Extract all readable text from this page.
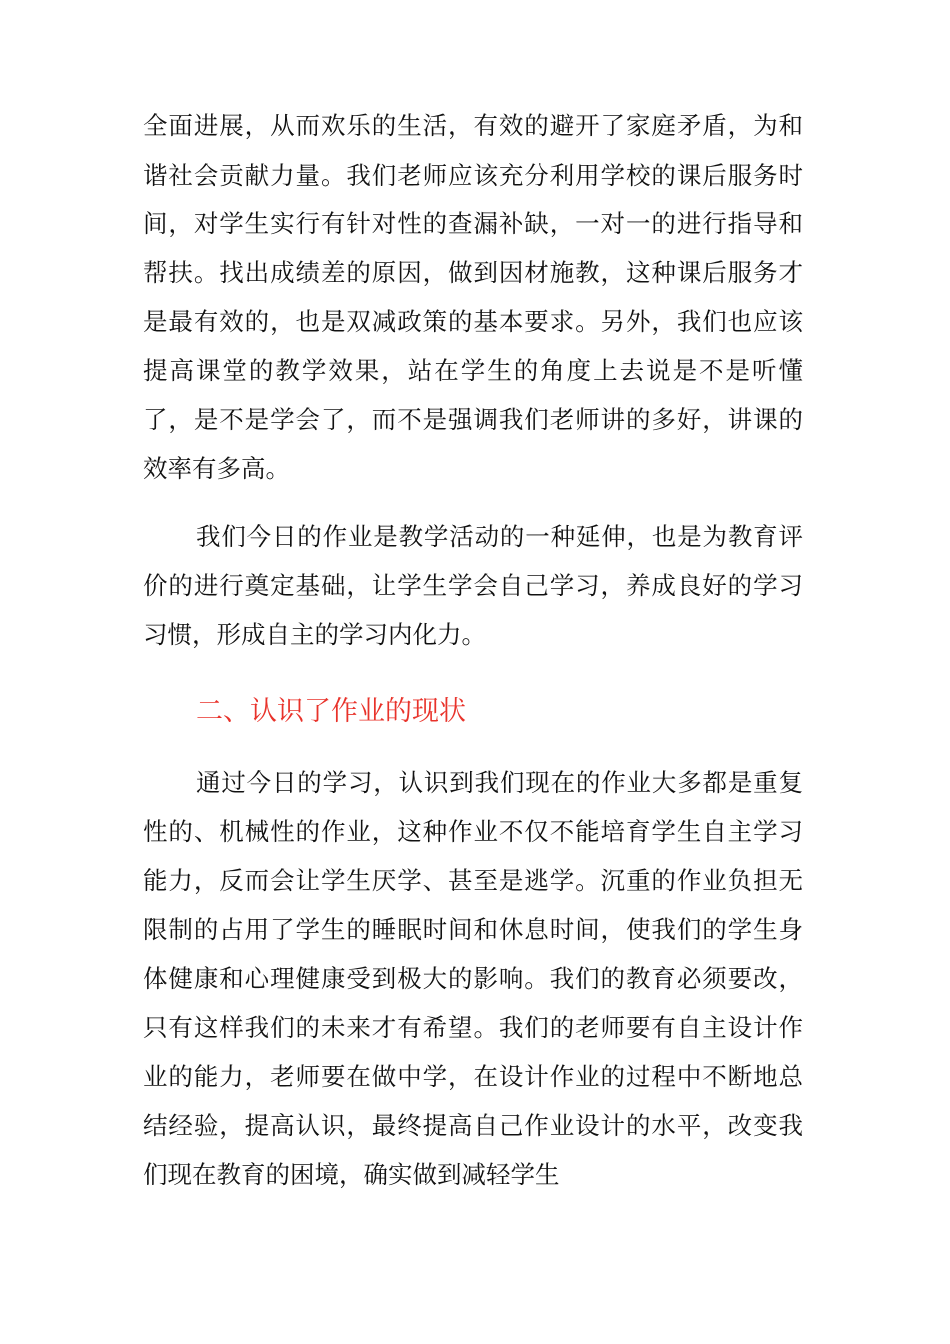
全面进展，从而欢乐的生活，有效的避开了家庭矛盾，为和
谐社会贡献力量。我们老师应该充分利用学校的课后服务时
间，对学生实行有针对性的查漏补缺，一对一的进行指导和
帮扶。找出成绩差的原因，做到因材施教，这种课后服务才
是最有效的，也是双减政策的基本要求。另外，我们也应该
提高课堂的教学效果，站在学生的角度上去说是不是听懂
了，是不是学会了，而不是强调我们老师讲的多好，讲课的
效率有多高。
我们今日的作业是教学活动的一种延伸，也是为教育评
价的进行奠定基础，让学生学会自己学习，养成良好的学习
习惯，形成自主的学习内化力。
二、认识了作业的现状
通过今日的学习，认识到我们现在的作业大多都是重复
性的、机械性的作业，这种作业不仅不能培育学生自主学习
能力，反而会让学生厌学、甚至是逃学。沉重的作业负担无
限制的占用了学生的睡眠时间和休息时间，使我们的学生身
体健康和心理健康受到极大的影响。我们的教育必须要改，
只有这样我们的未来才有希望。我们的老师要有自主设计作
业的能力，老师要在做中学，在设计作业的过程中不断地总
结经验，提高认识，最终提高自己作业设计的水平，改变我
们现在教育的困境，确实做到减轻学生
